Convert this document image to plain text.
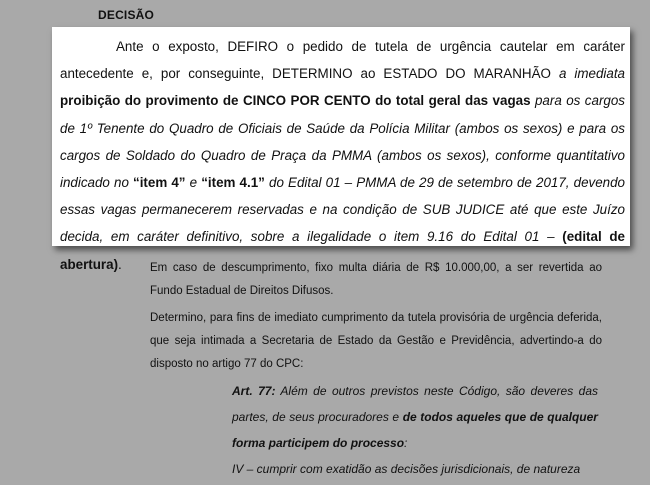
DECISÃO

Ante o exposto, DEFIRO o pedido de tutela de urgência cautelar em caráter antecedente e, por conseguinte, DETERMINO ao ESTADO DO MARANHÃO a imediata proibição do provimento de CINCO POR CENTO do total geral das vagas para os cargos de 1º Tenente do Quadro de Oficiais de Saúde da Polícia Militar (ambos os sexos) e para os cargos de Soldado do Quadro de Praça da PMMA (ambos os sexos), conforme quantitativo indicado no “item 4” e “item 4.1” do Edital 01 – PMMA de 29 de setembro de 2017, devendo essas vagas permanecerem reservadas e na condição de SUB JUDICE até que este Juízo decida, em caráter definitivo, sobre a ilegalidade o item 9.16 do Edital 01 – (edital de abertura).	Em caso de descumprimento, fixo multa diária de R$ 10.000,00, a ser revertida ao Fundo Estadual de Direitos Difusos.
Determino, para fins de imediato cumprimento da tutela provisória de urgência deferida, que seja intimada a Secretaria de Estado da Gestão e Previdência, advertindo-a do disposto no artigo 77 do CPC:
Art. 77: Além de outros previstos neste Código, são deveres das partes, de seus procuradores e de todos aqueles que de qualquer forma participem do processo:
IV – cumprir com exatidão as decisões jurisdicionais, de natureza
